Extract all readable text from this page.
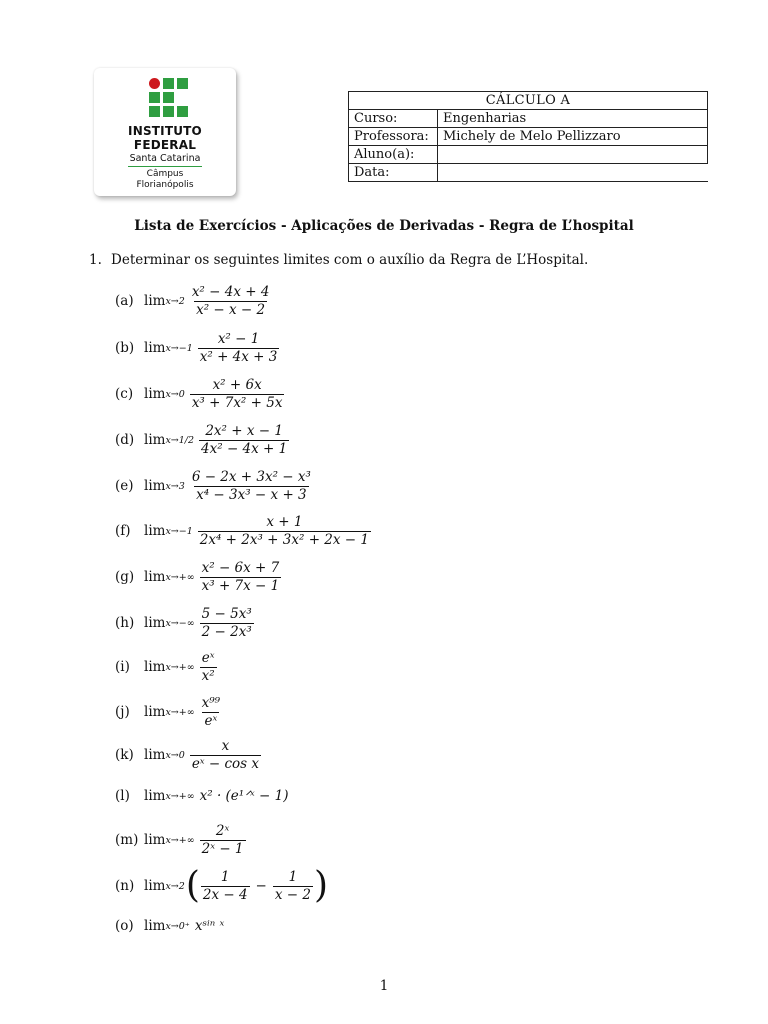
INSTITUTO
FEDERAL
Santa Catarina
Câmpus
Florianópolis
CÁLCULO A	
Curso:	Engenharias
Professora:	Michely de Melo Pellizzaro
Aluno(a):	
Data:	
Lista de Exercícios - Aplicações de Derivadas - Regra de L’hospital
1. Determinar os seguintes limites com o auxílio da Regra de L’Hospital.
(a) $\lim x\to 2 \frac{\text{x² − 4x + 4}}{\text{x² − x − 2}}$
(b) $\lim x\to-1 \frac{\text{x² − 1}}{\text{x² + 4x + 3}}$
(c) $\lim x\to 0 \frac{\text{x² + 6x}}{\text{x³ + 7x² + 5x}}$
(d) $\lim x\to 1/2 \frac{\text{2x² + x − 1}}{\text{4x² − 4x + 1}}$
(e) $\lim x\to 3 \frac{\text{6 − 2x + 3x² − x³}}{\text{x⁴ − 3x³ − x + 3}}$
(f) $\lim x\to-1 \frac{x + 1}{\text{2x⁴ + 2x³ + 3x² + 2x − 1}}$
(g) $\lim x\to+\infty \frac{\text{x² − 6x + 7}}{\text{x³ + 7x − 1}}$
(h) $\lim x\to-\infty \frac{\text{5 − 5x³}}{\text{2 − 2x³}}$
(i)	$\lim x\to+\infty \frac{\text{eˣ}}{\text{x²}}$
(j)	$\lim x\to+\infty \frac{\text{x⁹⁹}}{\text{eˣ}}$
(k) $\lim x\to 0 \frac{x}{\text{eˣ − cos x}}$
(l)	lim x→+∞ x² · (e¹ᐟˣ − 1)
(m) $\lim x\to+\infty \frac{\text{2ˣ}}{\text{2ˣ − 1}}$
(n) lim x→2 ( $\frac{1}{2x - 4} - \frac{1}{x - 2}$ )
(o) lim x→0⁺ xˢⁱⁿ ˣ
1
